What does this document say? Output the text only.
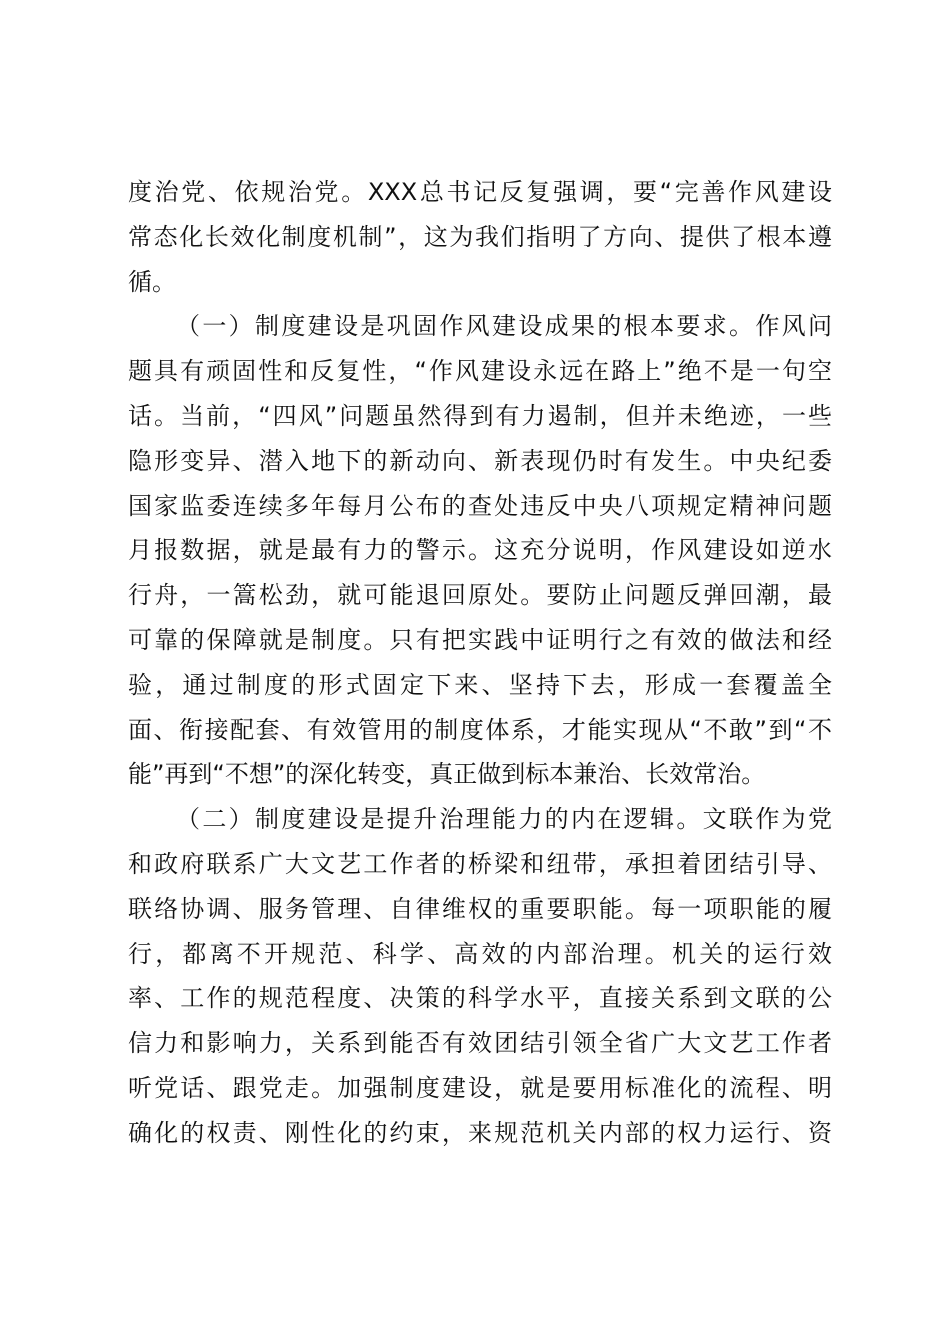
度治党、依规治党。XXX总书记反复强调，要“完善作风建设
常态化长效化制度机制”，这为我们指明了方向、提供了根本遵
循。
（一）制度建设是巩固作风建设成果的根本要求。作风问
题具有顽固性和反复性，“作风建设永远在路上”绝不是一句空
话。当前，“四风”问题虽然得到有力遏制，但并未绝迹，一些
隐形变异、潜入地下的新动向、新表现仍时有发生。中央纪委
国家监委连续多年每月公布的查处违反中央八项规定精神问题
月报数据，就是最有力的警示。这充分说明，作风建设如逆水
行舟，一篙松劲，就可能退回原处。要防止问题反弹回潮，最
可靠的保障就是制度。只有把实践中证明行之有效的做法和经
验，通过制度的形式固定下来、坚持下去，形成一套覆盖全
面、衔接配套、有效管用的制度体系，才能实现从“不敢”到“不
能”再到“不想”的深化转变，真正做到标本兼治、长效常治。
（二）制度建设是提升治理能力的内在逻辑。文联作为党
和政府联系广大文艺工作者的桥梁和纽带，承担着团结引导、
联络协调、服务管理、自律维权的重要职能。每一项职能的履
行，都离不开规范、科学、高效的内部治理。机关的运行效
率、工作的规范程度、决策的科学水平，直接关系到文联的公
信力和影响力，关系到能否有效团结引领全省广大文艺工作者
听党话、跟党走。加强制度建设，就是要用标准化的流程、明
确化的权责、刚性化的约束，来规范机关内部的权力运行、资
